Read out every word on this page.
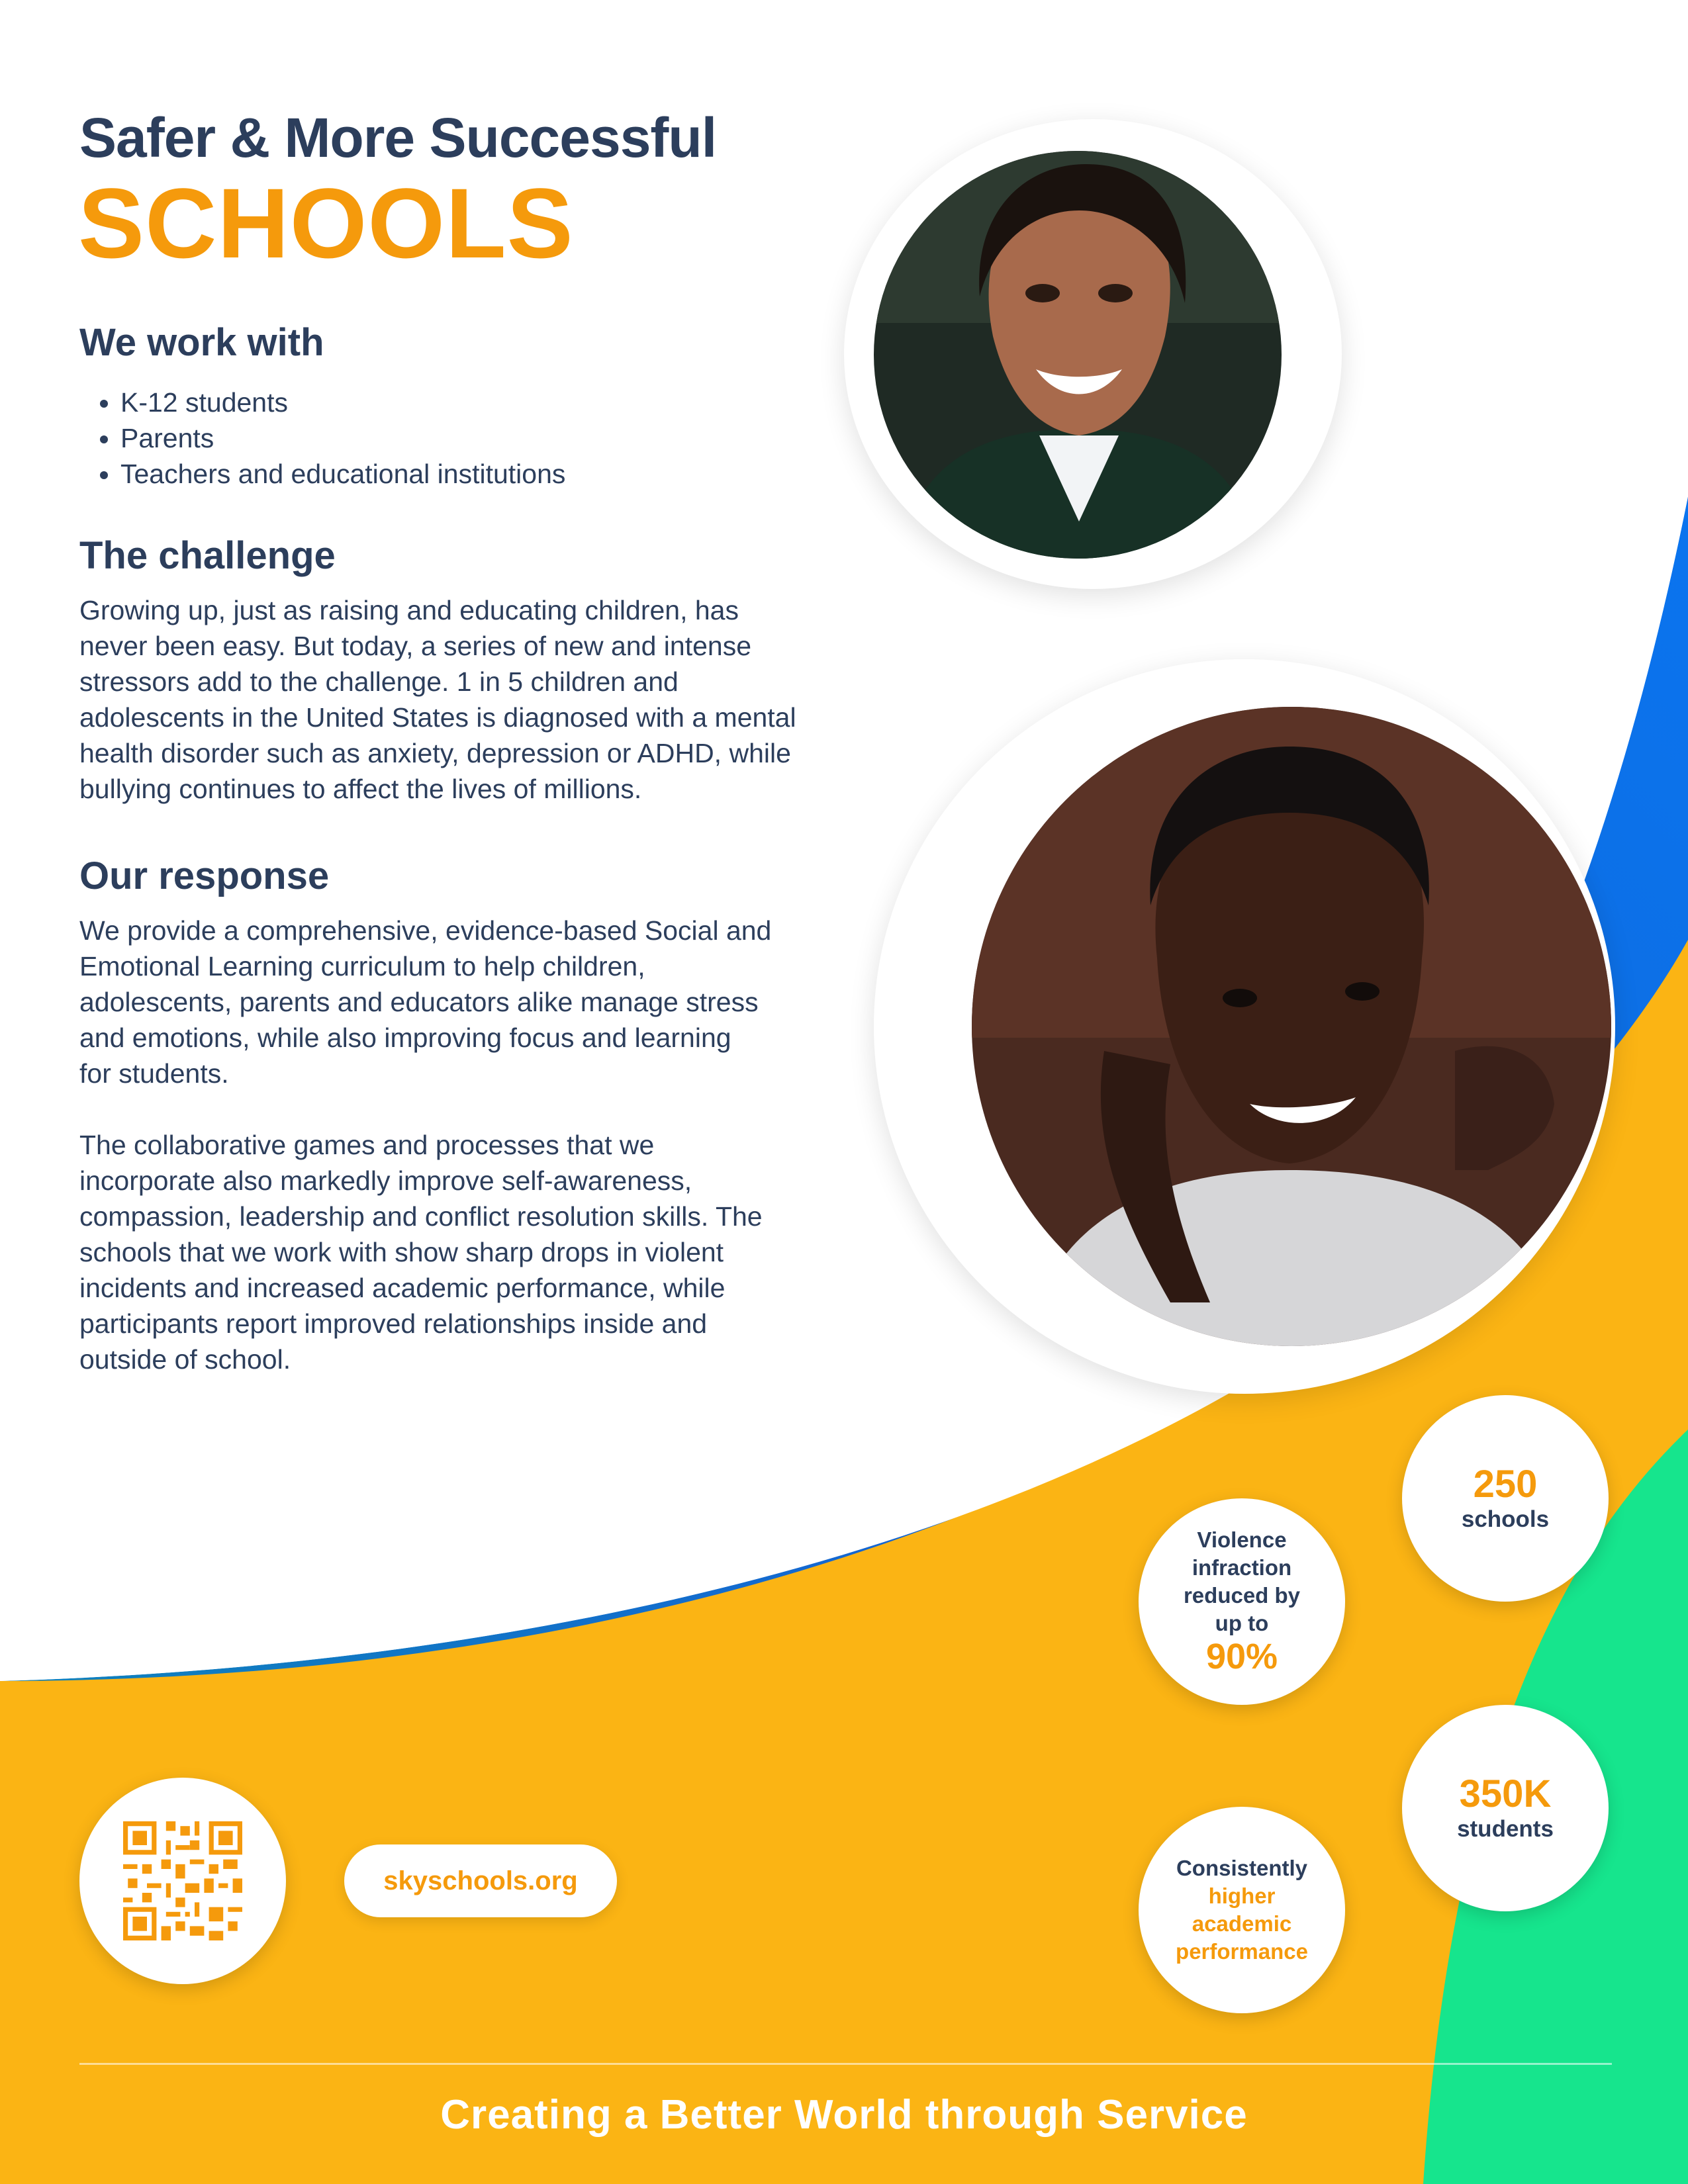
Safer & More Successful
SCHOOLS
We work with
• K-12 students
• Parents
• Teachers and educational institutions
The challenge
Growing up, just as raising and educating children, has
never been easy. But today, a series of new and intense
stressors add to the challenge. 1 in 5 children and
adolescents in the United States is diagnosed with a mental
health disorder such as anxiety, depression or ADHD, while
bullying continues to affect the lives of millions.
Our response
We provide a comprehensive, evidence-based Social and
Emotional Learning curriculum to help children,
adolescents, parents and educators alike manage stress
and emotions, while also improving focus and learning
for students.
The collaborative games and processes that we
incorporate also markedly improve self-awareness,
compassion, leadership and conflict resolution skills. The
schools that we work with show sharp drops in violent
incidents and increased academic performance, while
participants report improved relationships inside and
outside of school.
250
schools
Violence
infraction
reduced by
up to
90%
350K
students
Consistently
higher
academic
performance
skyschools.org
Creating a Better World through Service
